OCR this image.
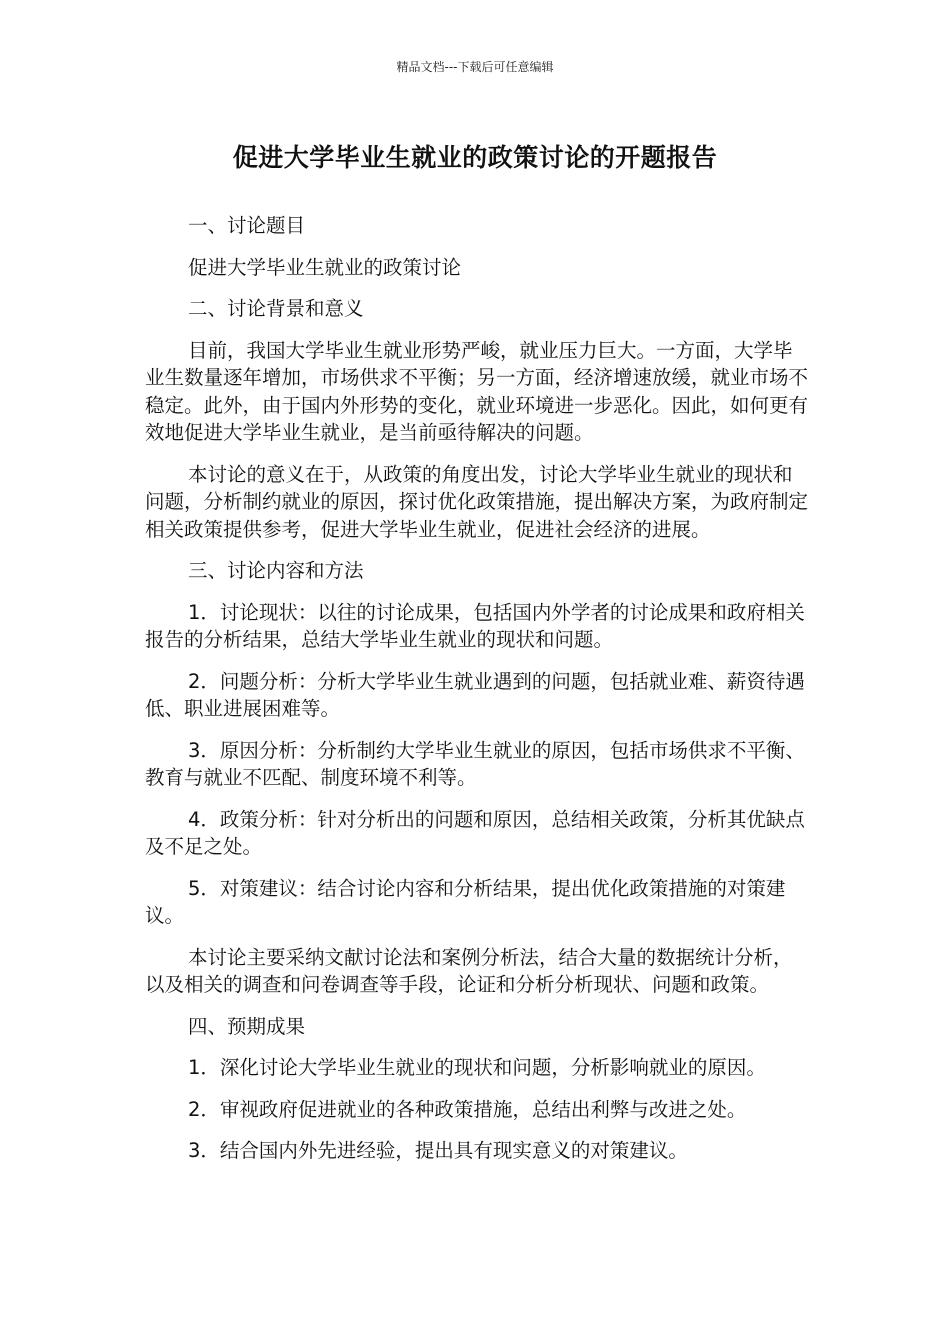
精品文档---下载后可任意编辑
促进大学毕业生就业的政策讨论的开题报告

一、讨论题目

促进大学毕业生就业的政策讨论

二、讨论背景和意义

目前，我国大学毕业生就业形势严峻，就业压力巨大。一方面，大学毕业生数量逐年增加，市场供求不平衡；另一方面，经济增速放缓，就业市场不稳定。此外，由于国内外形势的变化，就业环境进一步恶化。因此，如何更有效地促进大学毕业生就业，是当前亟待解决的问题。

本讨论的意义在于，从政策的角度出发，讨论大学毕业生就业的现状和问题，分析制约就业的原因，探讨优化政策措施，提出解决方案，为政府制定相关政策提供参考，促进大学毕业生就业，促进社会经济的进展。

三、讨论内容和方法

1．讨论现状：以往的讨论成果，包括国内外学者的讨论成果和政府相关报告的分析结果，总结大学毕业生就业的现状和问题。

2．问题分析：分析大学毕业生就业遇到的问题，包括就业难、薪资待遇低、职业进展困难等。

3．原因分析：分析制约大学毕业生就业的原因，包括市场供求不平衡、教育与就业不匹配、制度环境不利等。

4．政策分析：针对分析出的问题和原因，总结相关政策，分析其优缺点及不足之处。

5．对策建议：结合讨论内容和分析结果，提出优化政策措施的对策建议。

本讨论主要采纳文献讨论法和案例分析法，结合大量的数据统计分析，以及相关的调查和问卷调查等手段，论证和分析分析现状、问题和政策。

四、预期成果

1．深化讨论大学毕业生就业的现状和问题，分析影响就业的原因。

2．审视政府促进就业的各种政策措施，总结出利弊与改进之处。

3．结合国内外先进经验，提出具有现实意义的对策建议。
